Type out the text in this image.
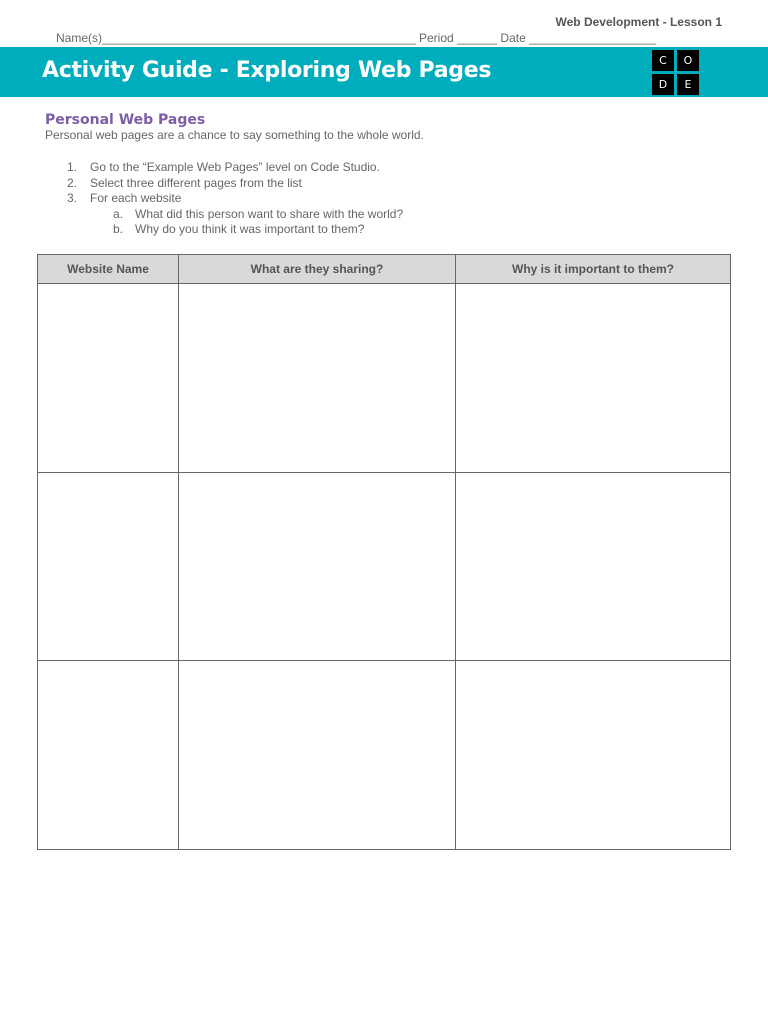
Web Development - Lesson 1
Name(s)_______________________________________________ Period ______ Date ___________________
Activity Guide - Exploring Web Pages	C	O
D	E
Personal Web Pages
Personal web pages are a chance to say something to the whole world.
1.	Go to the “Example Web Pages” level on Code Studio.
2.	Select three different pages from the list
3.	For each website
a. What did this person want to share with the world?
b. Why do you think it was important to them?
Website Name	What are they sharing?	Why is it important to them?
